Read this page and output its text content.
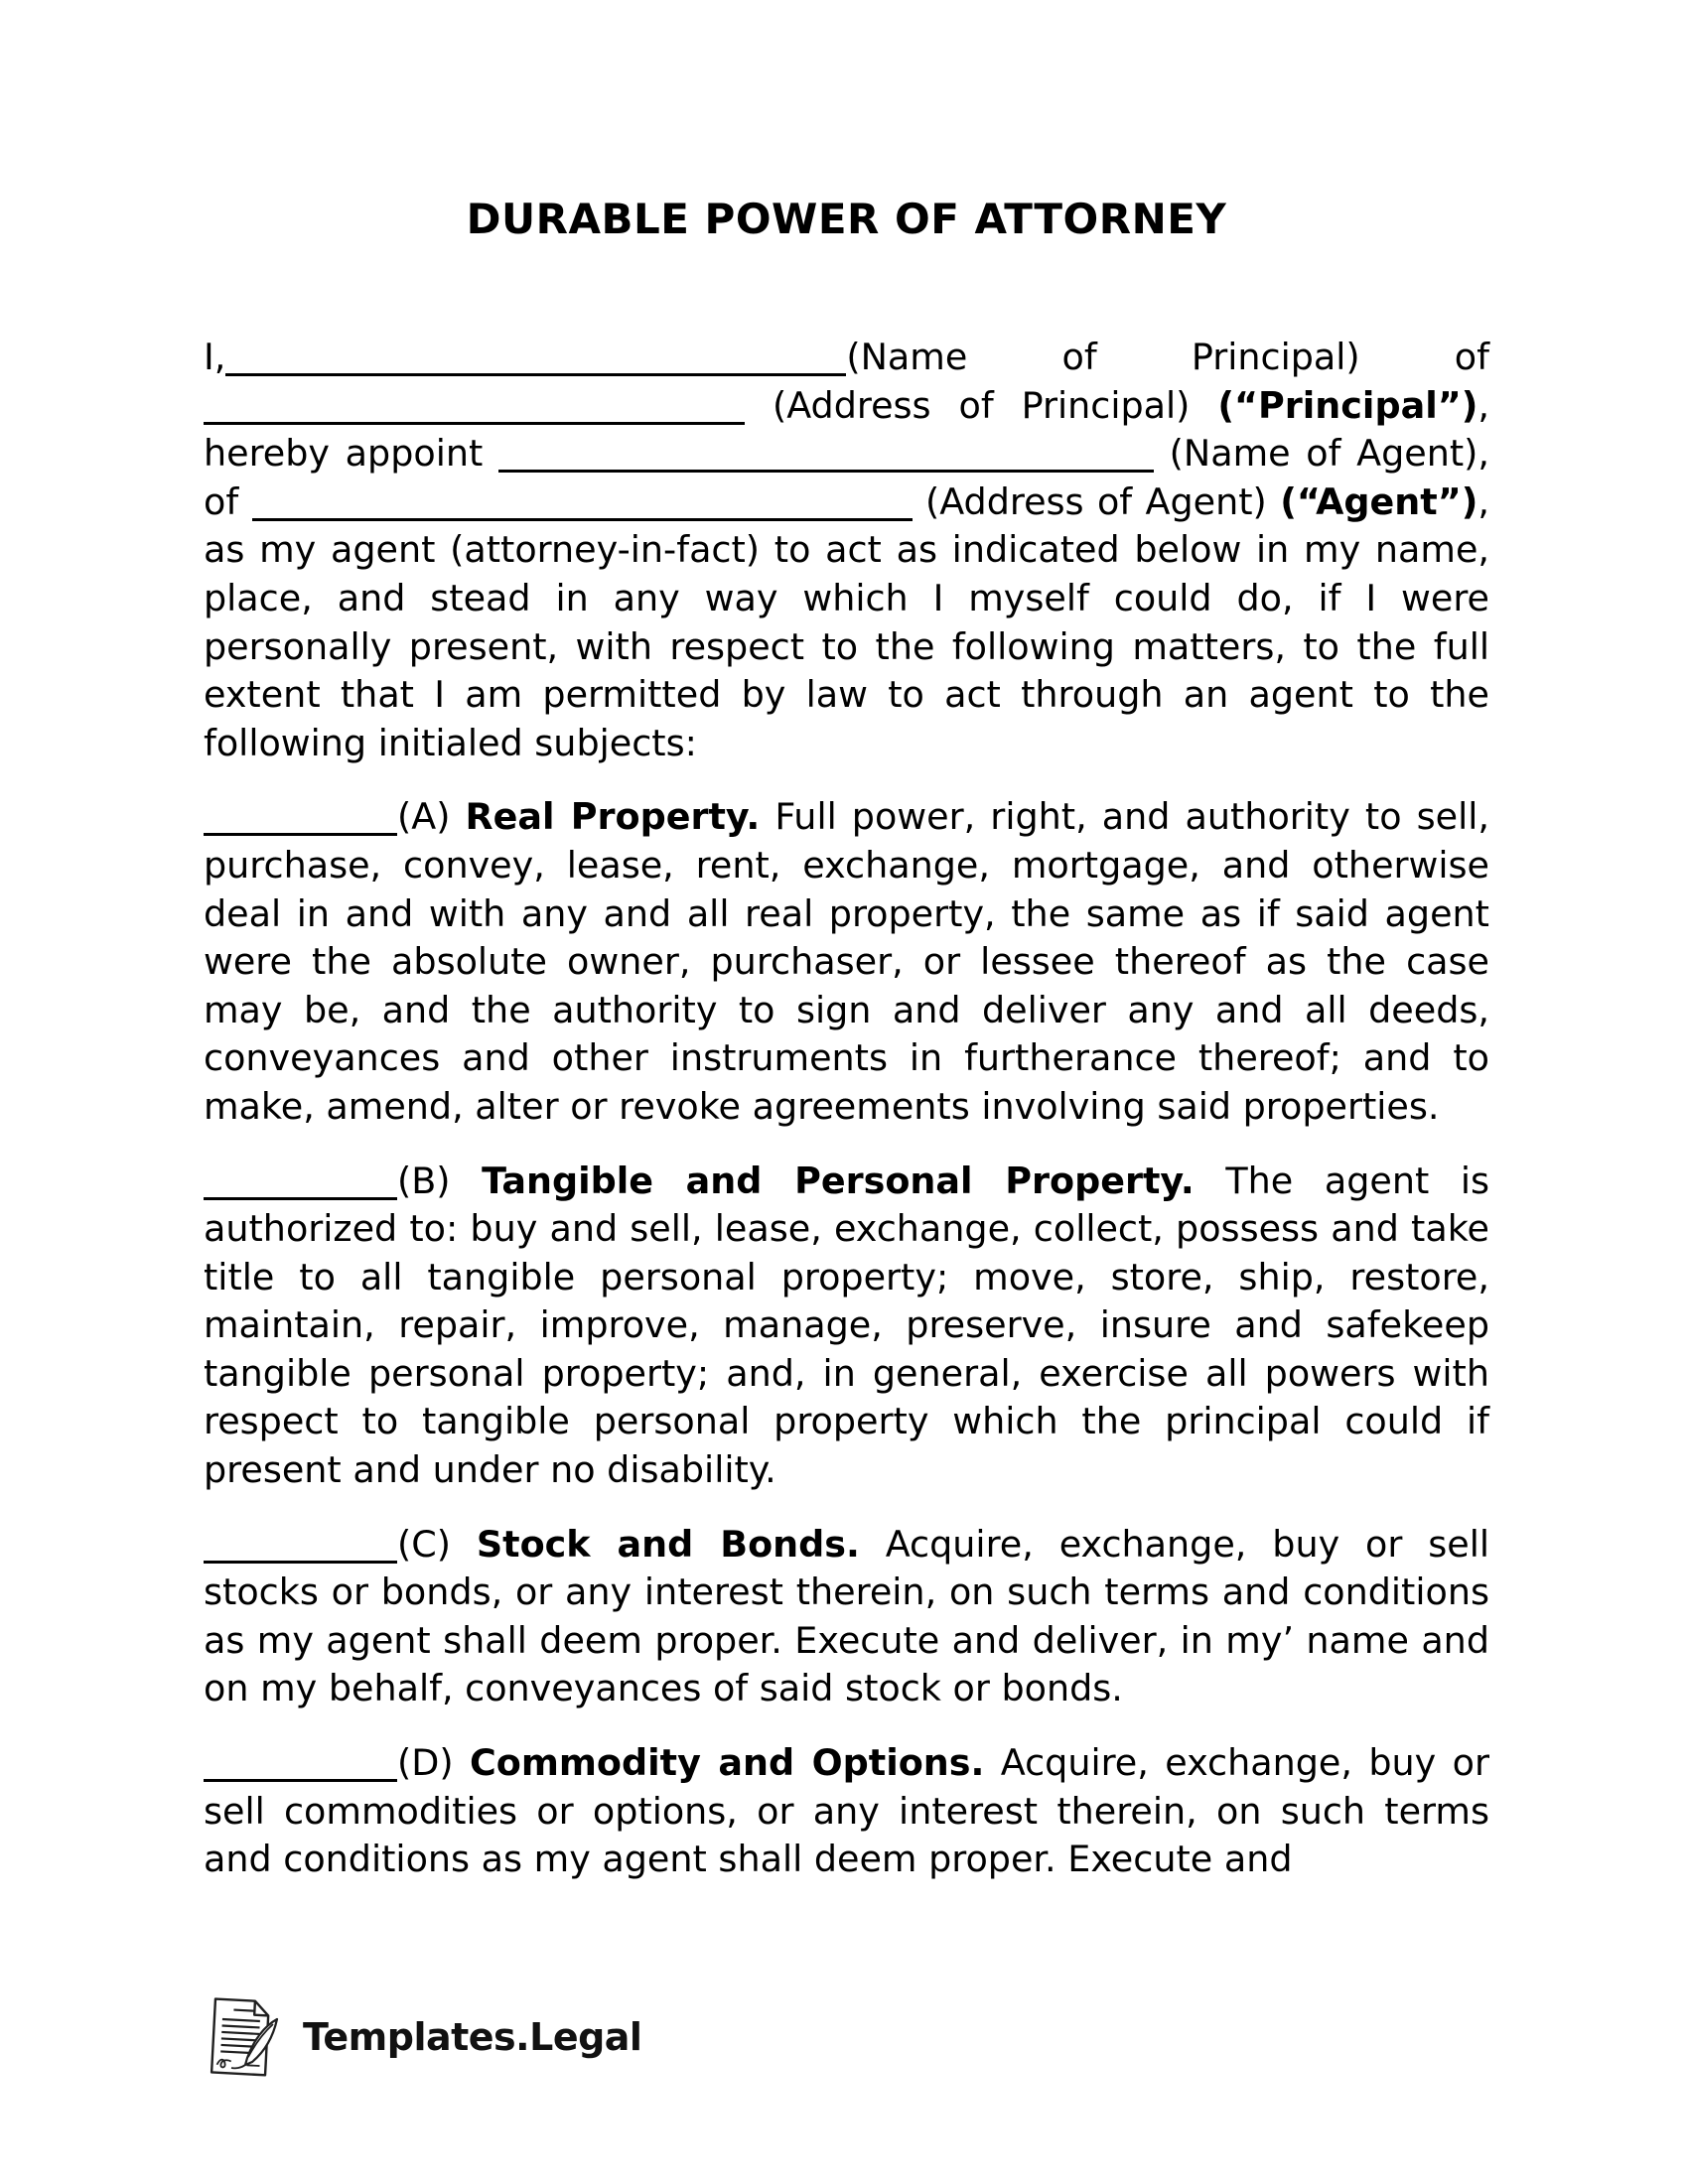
DURABLE POWER OF ATTORNEY

I,	(Name of Principal) of  (Address of Principal) (“Principal”), hereby appoint	(Name of Agent), of	(Address of Agent) (“Agent”), as my agent (attorney-in-fact) to act as indicated below in my name, place, and stead in any way which I myself could do, if I were personally present, with respect to the following matters, to the full extent that I am permitted by law to act through an agent to the following initialed subjects:

(A) Real Property. Full power, right, and authority to sell, purchase, convey, lease, rent, exchange, mortgage, and otherwise deal in and with any and all real property, the same as if said agent were the absolute owner, purchaser, or lessee thereof as the case may be, and the authority to sign and deliver any and all deeds, conveyances and other instruments in furtherance thereof; and to make, amend, alter or revoke agreements involving said properties.

(B) Tangible and Personal Property. The agent is authorized to: buy and sell, lease, exchange, collect, possess and take title to all tangible personal property; move, store, ship, restore, maintain, repair, improve, manage, preserve, insure and safekeep tangible personal property; and, in general, exercise all powers with respect to tangible personal property which the principal could if present and under no disability.

(C) Stock and Bonds. Acquire, exchange, buy or sell stocks or bonds, or any interest therein, on such terms and conditions as my agent shall deem proper. Execute and deliver, in my’ name and on my behalf, conveyances of said stock or bonds.

(D) Commodity and Options. Acquire, exchange, buy or sell commodities or options, or any interest therein, on such terms and conditions as my agent shall deem proper. Execute and

Templates.Legal
